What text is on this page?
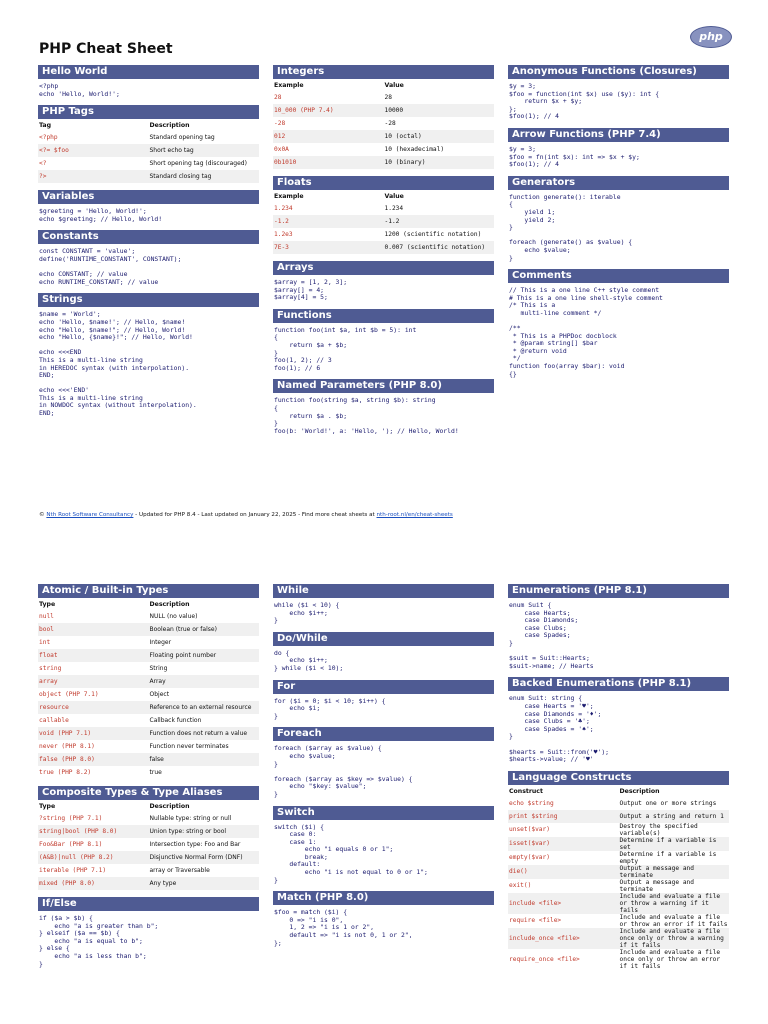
PHP Cheat Sheet
php
Hello World
<?php
echo 'Hello, World!';
PHP Tags
Tag	Description
<?php	Standard opening tag
<?= $foo	Short echo tag
<?	Short opening tag (discouraged)
?>	Standard closing tag
Variables
$greeting = 'Hello, World!';
echo $greeting; // Hello, World!
Constants
const CONSTANT = 'value';
define('RUNTIME_CONSTANT', CONSTANT);

echo CONSTANT; // value
echo RUNTIME_CONSTANT; // value
Strings
$name = 'World';
echo 'Hello, $name!'; // Hello, $name!
echo "Hello, $name!"; // Hello, World!
echo "Hello, {$name}!"; // Hello, World!

echo <<<END
This is a multi-line string
in HEREDOC syntax (with interpolation).
END;

echo <<<'END'
This is a multi-line string
in NOWDOC syntax (without interpolation).
END;
Integers
Example	Value
28	28
10_000 (PHP 7.4)	10000
-28	-28
012	10 (octal)
0x0A	10 (hexadecimal)
0b1010	10 (binary)
Floats
Example	Value
1.234	1.234
-1.2	-1.2
1.2e3	1200 (scientific notation)
7E-3	0.007 (scientific notation)
Arrays
$array = [1, 2, 3];
$array[] = 4;
$array[4] = 5;
Functions
function foo(int $a, int $b = 5): int
{
return $a + $b;
}
foo(1, 2); // 3
foo(1); // 6
Named Parameters (PHP 8.0)
function foo(string $a, string $b): string
{
return $a . $b;
}
foo(b: 'World!', a: 'Hello, '); // Hello, World!
Anonymous Functions (Closures)
$y = 3;
$foo = function(int $x) use ($y): int {
return $x + $y;
};
$foo(1); // 4
Arrow Functions (PHP 7.4)
$y = 3;
$foo = fn(int $x): int => $x + $y;
$foo(1); // 4
Generators
function generate(): iterable
{
yield 1;
yield 2;
}

foreach (generate() as $value) {
echo $value;
}
Comments
// This is a one line C++ style comment
# This is a one line shell-style comment
/* This is a
multi-line comment */

/**
* This is a PHPDoc docblock
* @param string[] $bar
* @return void
*/
function foo(array $bar): void
{}
© Nth Root Software Consultancy - Updated for PHP 8.4 - Last updated on January 22, 2025 - Find more cheat sheets at nth-root.nl/en/cheat-sheets
Atomic / Built-in Types
Type	Description
null	NULL (no value)
bool	Boolean (true or false)
int	Integer
float	Floating point number
string	String
array	Array
object (PHP 7.1)	Object
resource	Reference to an external resource
callable	Callback function
void (PHP 7.1)	Function does not return a value
never (PHP 8.1)	Function never terminates
false (PHP 8.0)	false
true (PHP 8.2)	true
Composite Types & Type Aliases
Type	Description
?string (PHP 7.1)	Nullable type: string or null
string|bool (PHP 8.0)	Union type: string or bool
Foo&Bar (PHP 8.1)	Intersection type: Foo and Bar
(A&B)|null (PHP 8.2)	Disjunctive Normal Form (DNF)
iterable (PHP 7.1)	array or Traversable
mixed (PHP 8.0)	Any type
If/Else
if ($a > $b) {
echo "a is greater than b";
} elseif ($a == $b) {
echo "a is equal to b";
} else {
echo "a is less than b";
}
While
while ($i < 10) {
echo $i++;
}
Do/While
do {
echo $i++;
} while ($i < 10);
For
for ($i = 0; $i < 10; $i++) {
echo $i;
}
Foreach
foreach ($array as $value) {
echo $value;
}

foreach ($array as $key => $value) {
echo "$key: $value";
}
Switch
switch ($i) {
case 0:
case 1:
echo "i equals 0 or 1";
break;
default:
echo "i is not equal to 0 or 1";
}
Match (PHP 8.0)
$foo = match ($i) {
0 => "i is 0",
1, 2 => "i is 1 or 2",
default => "i is not 0, 1 or 2",
};
Enumerations (PHP 8.1)
enum Suit {
case Hearts;
case Diamonds;
case Clubs;
case Spades;
}

$suit = Suit::Hearts;
$suit->name; // Hearts
Backed Enumerations (PHP 8.1)
enum Suit: string {
case Hearts = '♥';
case Diamonds = '♦';
case Clubs = '♣';
case Spades = '♠';
}

$hearts = Suit::from('♥');
$hearts->value; // '♥'
Language Constructs
Construct	Description
echo $string	Output one or more strings
print $string	Output a string and return 1
unset($var)	Destroy the specified variable(s)
isset($var)	Determine if a variable is set
empty($var)	Determine if a variable is empty
die()	Output a message and terminate
exit()	Output a message and terminate
include <file>	Include and evaluate a file or throw a warning if it fails
require <file>	Include and evaluate a file or throw an error if it fails
include_once <file>	Include and evaluate a file once only or throw a warning if it fails
require_once <file>	Include and evaluate a file once only or throw an error if it fails
